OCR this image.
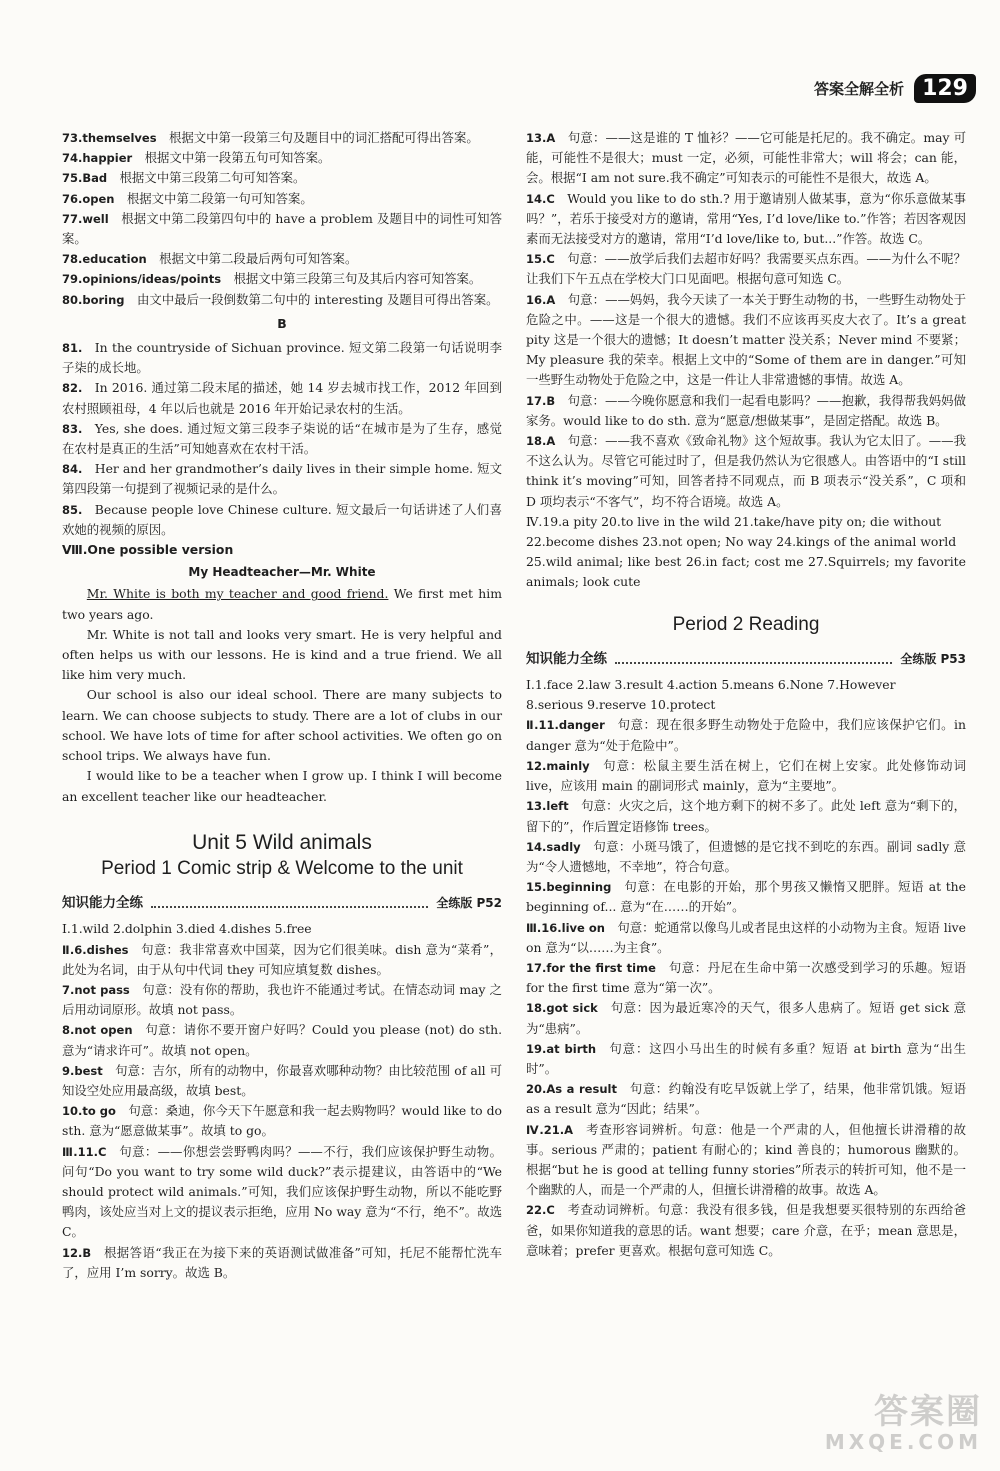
答案全解全析 129
73.themselves  根据文中第一段第三句及题目中的词汇搭配可得出答案。
74.happier  根据文中第一段第五句可知答案。
75.Bad  根据文中第三段第二句可知答案。
76.open  根据文中第二段第一句可知答案。
77.well  根据文中第二段第四句中的 have a problem 及题目中的词性可知答案。
78.education  根据文中第二段最后两句可知答案。
79.opinions/ideas/points  根据文中第三段第三句及其后内容可知答案。
80.boring  由文中最后一段倒数第二句中的 interesting 及题目可得出答案。
B
81.  In the countryside of Sichuan province. 短文第二段第一句话说明李子柒的成长地。
82.  In 2016. 通过第二段末尾的描述，她 14 岁去城市找工作，2012 年回到农村照顾祖母，4 年以后也就是 2016 年开始记录农村的生活。
83.  Yes, she does. 通过短文第三段李子柒说的话“在城市是为了生存，感觉在农村是真正的生活”可知她喜欢在农村干活。
84.  Her and her grandmother’s daily lives in their simple home. 短文第四段第一句提到了视频记录的是什么。
85.  Because people love Chinese culture. 短文最后一句话讲述了人们喜欢她的视频的原因。
Ⅷ.One possible version
My Headteacher—Mr. White

Mr. White is both my teacher and good friend. We first met him two years ago.

Mr. White is not tall and looks very smart. He is very helpful and often helps us with our lessons. He is kind and a true friend. We all like him very much.

Our school is also our ideal school. There are many subjects to learn. We can choose subjects to study. There are a lot of clubs in our school. We have lots of time for after school activities. We often go on school trips. We always have fun.

I would like to be a teacher when I grow up. I think I will become an excellent teacher like our headteacher.

Unit 5 Wild animals
Period 1 Comic strip & Welcome to the unit
知识能力全练	全练版 P52
Ⅰ.1.wild 2.dolphin 3.died 4.dishes 5.free
Ⅱ.6.dishes  句意：我非常喜欢中国菜，因为它们很美味。dish 意为“菜肴”，此处为名词，由于从句中代词 they 可知应填复数 dishes。
7.not pass  句意：没有你的帮助，我也许不能通过考试。在情态动词 may 之后用动词原形。故填 not pass。
8.not open  句意：请你不要开窗户好吗？Could you please (not) do sth. 意为“请求许可”。故填 not open。
9.best  句意：吉尔，所有的动物中，你最喜欢哪种动物？由比较范围 of all 可知设空处应用最高级，故填 best。
10.to go  句意：桑迪，你今天下午愿意和我一起去购物吗？would like to do sth. 意为“愿意做某事”。故填 to go。
Ⅲ.11.C  句意：——你想尝尝野鸭肉吗？——不行，我们应该保护野生动物。问句“Do you want to try some wild duck?”表示提建议，由答语中的“We should protect wild animals.”可知，我们应该保护野生动物，所以不能吃野鸭肉，该处应当对上文的提议表示拒绝，应用 No way 意为“不行，绝不”。故选 C。
12.B  根据答语“我正在为接下来的英语测试做准备”可知，托尼不能帮忙洗车了，应用 I’m sorry。故选 B。
13.A  句意：——这是谁的 T 恤衫？——它可能是托尼的。我不确定。may 可能，可能性不是很大；must 一定，必须，可能性非常大；will 将会；can 能，会。根据“I am not sure.我不确定”可知表示的可能性不是很大，故选 A。
14.C  Would you like to do sth.? 用于邀请别人做某事，意为“你乐意做某事吗？”，若乐于接受对方的邀请，常用“Yes, I’d love/like to.”作答；若因客观因素而无法接受对方的邀请，常用“I’d love/like to, but...”作答。故选 C。
15.C  句意：——放学后我们去超市好吗？我需要买点东西。——为什么不呢？让我们下午五点在学校大门口见面吧。根据句意可知选 C。
16.A  句意：——妈妈，我今天读了一本关于野生动物的书，一些野生动物处于危险之中。——这是一个很大的遗憾。我们不应该再买皮大衣了。It’s a great pity 这是一个很大的遗憾；It doesn’t matter 没关系；Never mind 不要紧；My pleasure 我的荣幸。根据上文中的“Some of them are in danger.”可知一些野生动物处于危险之中，这是一件让人非常遗憾的事情。故选 A。
17.B  句意：——今晚你愿意和我们一起看电影吗？——抱歉，我得帮我妈妈做家务。would like to do sth. 意为“愿意/想做某事”，是固定搭配。故选 B。
18.A  句意：——我不喜欢《致命礼物》这个短故事。我认为它太旧了。——我不这么认为。尽管它可能过时了，但是我仍然认为它很感人。由答语中的“I still think it’s moving”可知，回答者持不同观点，而 B 项表示“没关系”，C 项和 D 项均表示“不客气”，均不符合语境。故选 A。
Ⅳ.19.a pity 20.to live in the wild 21.take/have pity on; die without
22.become dishes 23.not open; No way 24.kings of the animal world
25.wild animal; like best 26.in fact; cost me 27.Squirrels; my favorite animals; look cute
Period 2 Reading
知识能力全练	全练版 P53
Ⅰ.1.face 2.law 3.result 4.action 5.means 6.None 7.However
8.serious 9.reserve 10.protect
Ⅱ.11.danger  句意：现在很多野生动物处于危险中，我们应该保护它们。in danger 意为“处于危险中”。
12.mainly  句意：松鼠主要生活在树上，它们在树上安家。此处修饰动词 live，应该用 main 的副词形式 mainly，意为“主要地”。
13.left  句意：火灾之后，这个地方剩下的树不多了。此处 left 意为“剩下的，留下的”，作后置定语修饰 trees。
14.sadly  句意：小斑马饿了，但遗憾的是它找不到吃的东西。副词 sadly 意为“令人遗憾地，不幸地”，符合句意。
15.beginning  句意：在电影的开始，那个男孩又懒惰又肥胖。短语 at the beginning of... 意为“在……的开始”。
Ⅲ.16.live on  句意：蛇通常以像鸟儿或者昆虫这样的小动物为主食。短语 live on 意为“以……为主食”。
17.for the first time  句意：丹尼在生命中第一次感受到学习的乐趣。短语 for the first time 意为“第一次”。
18.got sick  句意：因为最近寒冷的天气，很多人患病了。短语 get sick 意为“患病”。
19.at birth  句意：这四小马出生的时候有多重？短语 at birth 意为“出生时”。
20.As a result  句意：约翰没有吃早饭就上学了，结果，他非常饥饿。短语 as a result 意为“因此；结果”。
Ⅳ.21.A  考查形容词辨析。句意：他是一个严肃的人，但他擅长讲滑稽的故事。serious 严肃的；patient 有耐心的；kind 善良的；humorous 幽默的。根据“but he is good at telling funny stories”所表示的转折可知，他不是一个幽默的人，而是一个严肃的人，但擅长讲滑稽的故事。故选 A。
22.C  考查动词辨析。句意：我没有很多钱，但是我想要买很特别的东西给爸爸，如果你知道我的意思的话。want 想要；care 介意，在乎；mean 意思是，意味着；prefer 更喜欢。根据句意可知选 C。
答案圈
MXQE.COM
